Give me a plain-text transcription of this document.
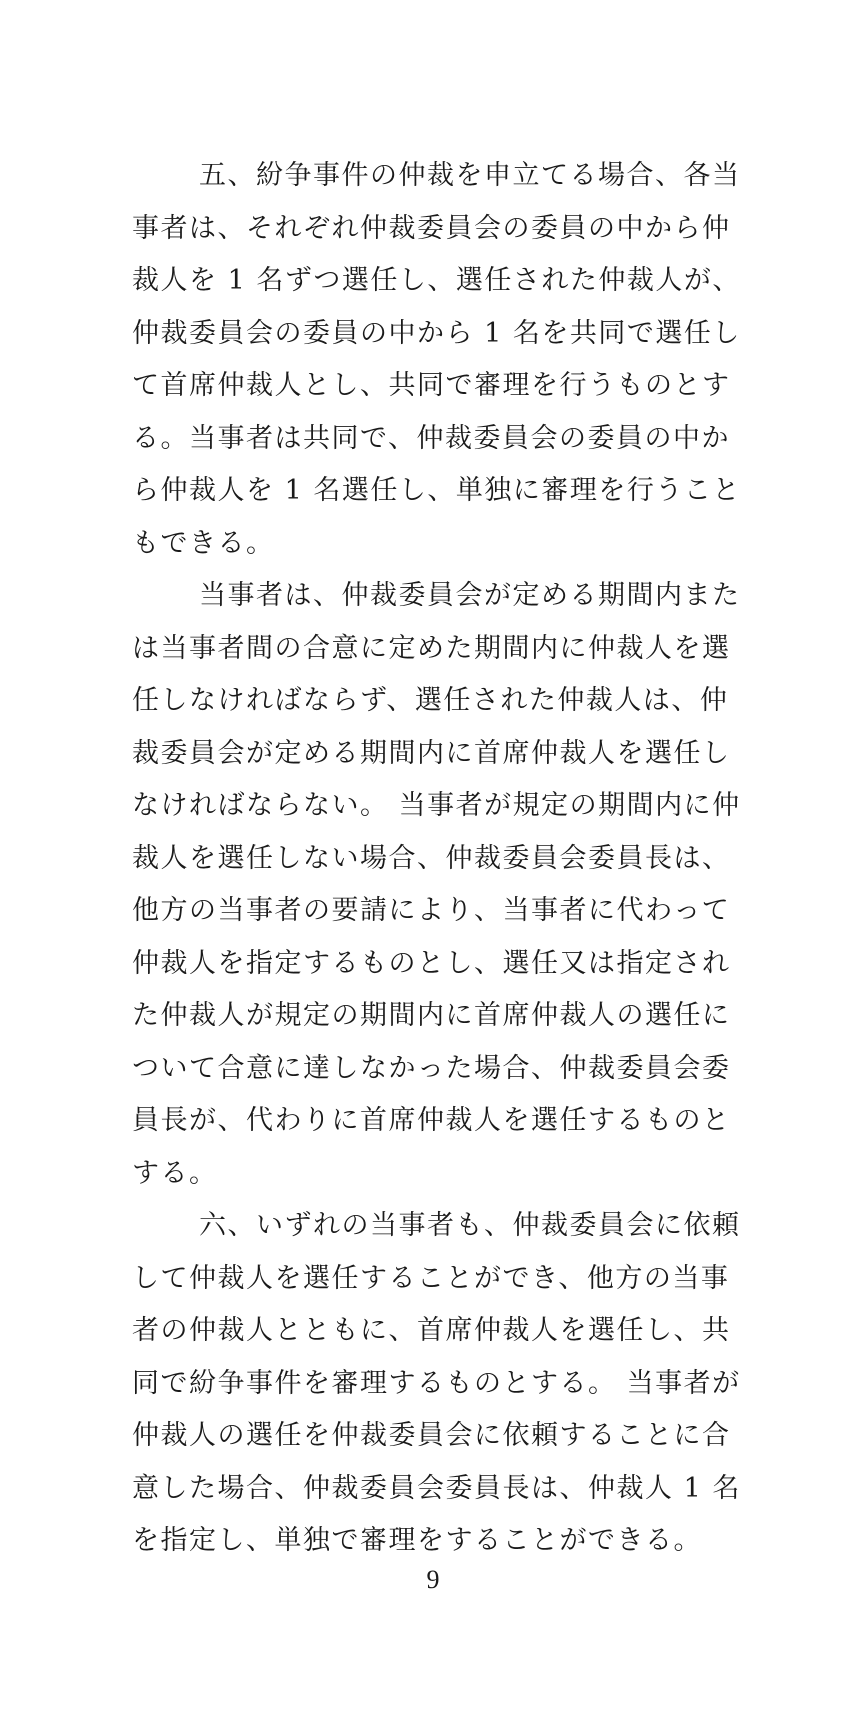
五、紛争事件の仲裁を申立てる場合、各当
事者は、それぞれ仲裁委員会の委員の中から仲
裁人を 1 名ずつ選任し、選任された仲裁人が、
仲裁委員会の委員の中から 1 名を共同で選任し
て首席仲裁人とし、共同で審理を行うものとす
る。当事者は共同で、仲裁委員会の委員の中か
ら仲裁人を 1 名選任し、単独に審理を行うこと
もできる。
当事者は、仲裁委員会が定める期間内また
は当事者間の合意に定めた期間内に仲裁人を選
任しなければならず、選任された仲裁人は、仲
裁委員会が定める期間内に首席仲裁人を選任し
なければならない。 当事者が規定の期間内に仲
裁人を選任しない場合、仲裁委員会委員長は、
他方の当事者の要請により、当事者に代わって
仲裁人を指定するものとし、選任又は指定され
た仲裁人が規定の期間内に首席仲裁人の選任に
ついて合意に達しなかった場合、仲裁委員会委
員長が、代わりに首席仲裁人を選任するものと
する。
六、いずれの当事者も、仲裁委員会に依頼
して仲裁人を選任することができ、他方の当事
者の仲裁人とともに、首席仲裁人を選任し、共
同で紛争事件を審理するものとする。 当事者が
仲裁人の選任を仲裁委員会に依頼することに合
意した場合、仲裁委員会委員長は、仲裁人 1 名
を指定し、単独で審理をすることができる。
9
